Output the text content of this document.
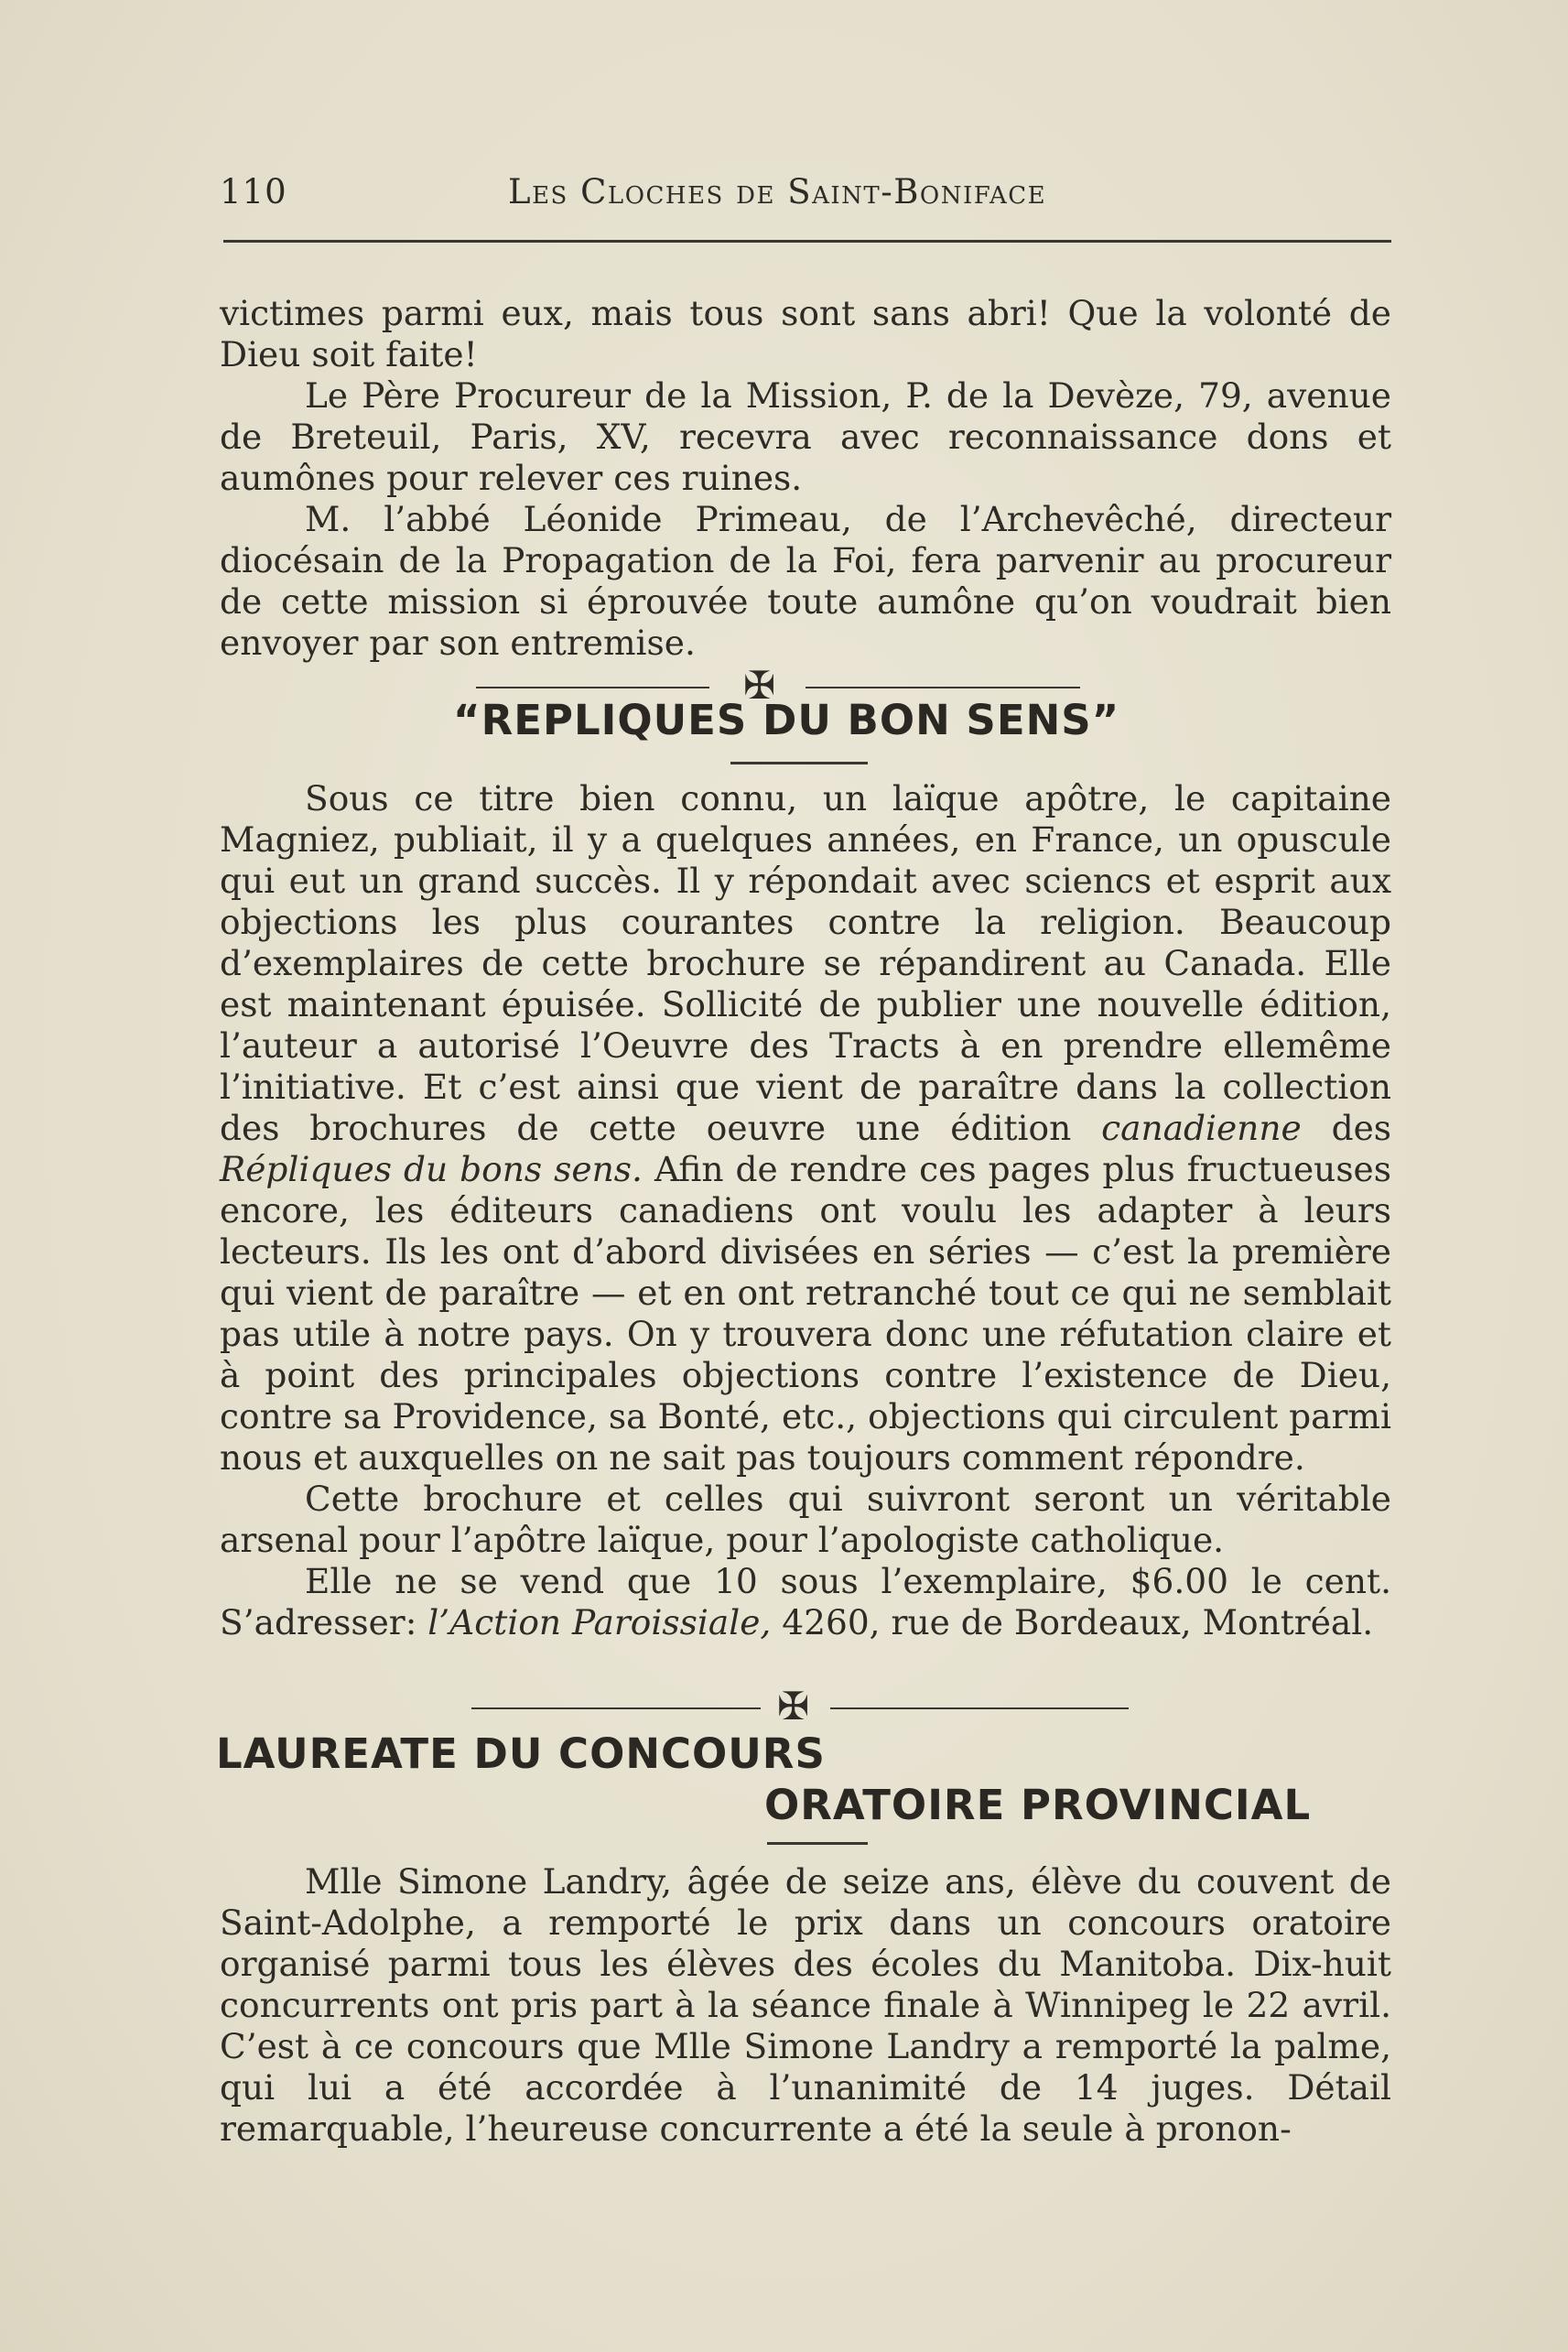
110	Les Cloches de Saint-Boniface

victimes parmi eux, mais tous sont sans abri! Que la volonté de Dieu soit faite!

Le Père Procureur de la Mission, P. de la Devèze, 79, avenue de Breteuil, Paris, XV, recevra avec reconnaissance dons et aumônes pour relever ces ruines.

M. l’abbé Léonide Primeau, de l’Archevêché, directeur diocésain de la Propagation de la Foi, fera parvenir au procureur de cette mission si éprouvée toute aumône qu’on voudrait bien envoyer par son entremise.

✠
“REPLIQUES DU BON SENS”

Sous ce titre bien connu, un laïque apôtre, le capitaine Magniez, publiait, il y a quelques années, en France, un opuscule qui eut un grand succès. Il y répondait avec sciencs et esprit aux objections les plus courantes contre la religion. Beaucoup d’exemplaires de cette brochure se répandirent au Canada. Elle est maintenant épuisée. Sollicité de publier une nouvelle édition, l’auteur a autorisé l’Oeuvre des Tracts à en prendre ellemême l’initiative. Et c’est ainsi que vient de paraître dans la collection des brochures de cette oeuvre une édition canadienne des Répliques du bons sens. Afin de rendre ces pages plus fructueuses encore, les éditeurs canadiens ont voulu les adapter à leurs lecteurs. Ils les ont d’abord divisées en séries — c’est la première qui vient de paraître — et en ont retranché tout ce qui ne semblait pas utile à notre pays. On y trouvera donc une réfutation claire et à point des principales objections contre l’existence de Dieu, contre sa Providence, sa Bonté, etc., objections qui circulent parmi nous et auxquelles on ne sait pas toujours comment répondre.

Cette brochure et celles qui suivront seront un véritable arsenal pour l’apôtre laïque, pour l’apologiste catholique.

Elle ne se vend que 10 sous l’exemplaire, $6.00 le cent. S’adresser: l’Action Paroissiale, 4260, rue de Bordeaux, Montréal.

✠
LAUREATE DU CONCOURS
ORATOIRE PROVINCIAL

Mlle Simone Landry, âgée de seize ans, élève du couvent de Saint-Adolphe, a remporté le prix dans un concours oratoire organisé parmi tous les élèves des écoles du Manitoba. Dix-huit concurrents ont pris part à la séance finale à Winnipeg le 22 avril. C’est à ce concours que Mlle Simone Landry a remporté la palme, qui lui a été accordée à l’unanimité de 14 juges. Détail remarquable, l’heureuse concurrente a été la seule à pronon-
